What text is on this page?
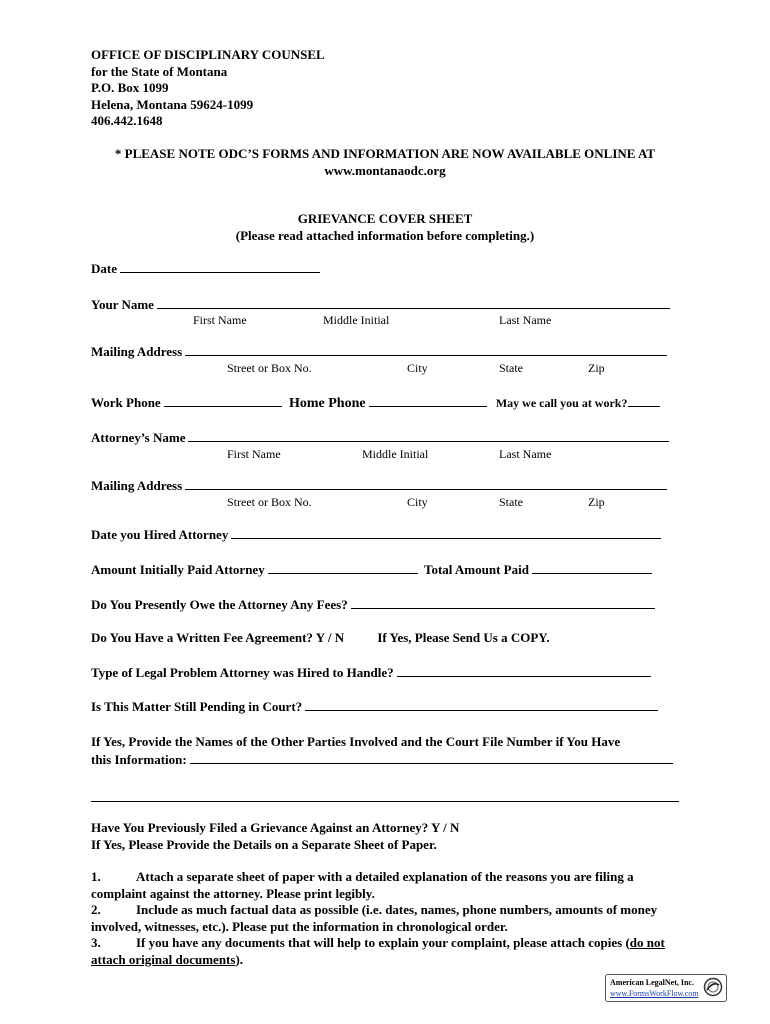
OFFICE OF DISCIPLINARY COUNSEL
for the State of Montana
P.O. Box 1099
Helena, Montana 59624-1099
406.442.1648
* PLEASE NOTE ODC’S FORMS AND INFORMATION ARE NOW AVAILABLE ONLINE AT
www.montanaodc.org
GRIEVANCE COVER SHEET
(Please read attached information before completing.)
Date
Your Name
First Name	Middle Initial	Last Name
Mailing Address
Street or Box No.	City	State	Zip
Work Phone	Home Phone	May we call you at work?
Attorney’s Name
First Name	Middle Initial	Last Name
Mailing Address
Street or Box No.	City	State	Zip
Date you Hired Attorney
Amount Initially Paid Attorney	Total Amount Paid
Do You Presently Owe the Attorney Any Fees?
Do You Have a Written Fee Agreement? Y / N	If Yes, Please Send Us a COPY.
Type of Legal Problem Attorney was Hired to Handle?
Is This Matter Still Pending in Court?
If Yes, Provide the Names of the Other Parties Involved and the Court File Number if You Have
this Information:
Have You Previously Filed a Grievance Against an Attorney? Y / N
If Yes, Please Provide the Details on a Separate Sheet of Paper.
1.	Attach a separate sheet of paper with a detailed explanation of the reasons you are filing a complaint against the attorney. Please print legibly.
2.	Include as much factual data as possible (i.e. dates, names, phone numbers, amounts of money involved, witnesses, etc.). Please put the information in chronological order.
3.	If you have any documents that will help to explain your complaint, please attach copies (do not attach original documents).
American LegalNet, Inc.
www.FormsWorkFlow.com
